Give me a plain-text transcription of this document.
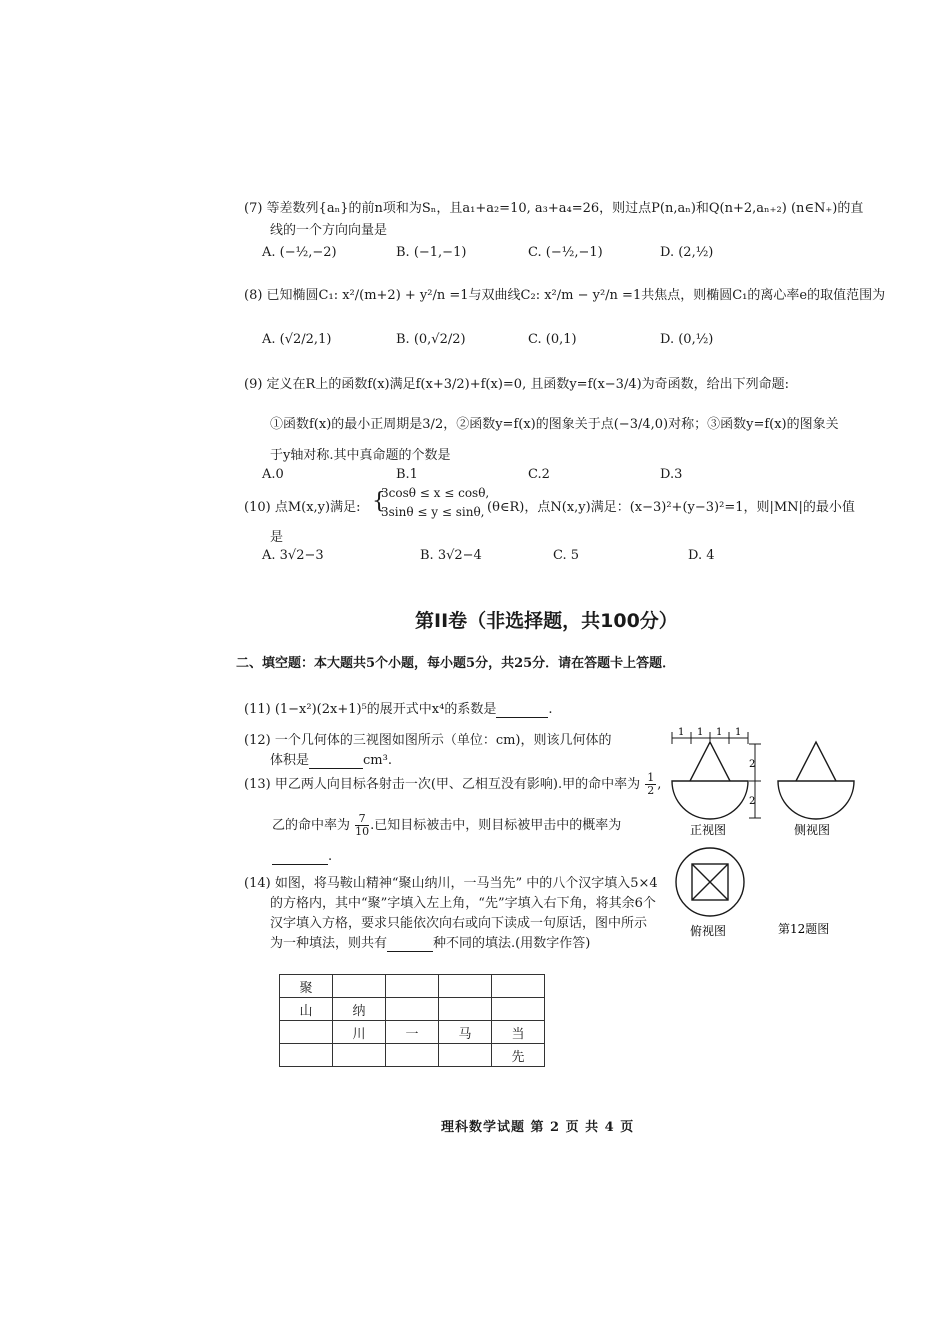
(7) 等差数列{aₙ}的前n项和为Sₙ，且a₁+a₂=10, a₃+a₄=26，则过点P(n,aₙ)和Q(n+2,aₙ₊₂) (n∈N₊)的直
线的一个方向向量是
A. (−½,−2)	B. (−1,−1)	C. (−½,−1)	D. (2,½)
(8) 已知椭圆C₁: x²/(m+2) + y²/n =1与双曲线C₂: x²/m − y²/n =1共焦点，则椭圆C₁的离心率e的取值范围为
A. (√2/2,1)	B. (0,√2/2)	C. (0,1)	D. (0,½)
(9) 定义在R上的函数f(x)满足f(x+3/2)+f(x)=0, 且函数y=f(x−3/4)为奇函数，给出下列命题:
①函数f(x)的最小正周期是3/2，②函数y=f(x)的图象关于点(−3/4,0)对称；③函数y=f(x)的图象关
于y轴对称.其中真命题的个数是
A.0	B.1	C.2	D.3
(10) 点M(x,y)满足: {
3cosθ ≤ x ≤ cosθ,
3sinθ ≤ y ≤ sinθ, (θ∈R)，点N(x,y)满足：(x−3)²+(y−3)²=1，则|MN|的最小值
是
A. 3√2−3	B. 3√2−4	C. 5	D. 4
第II卷（非选择题，共100分）
二、填空题：本大题共5个小题，每小题5分，共25分．请在答题卡上答题．
(11) (1−x²)(2x+1)⁵的展开式中x⁴的系数是	.
(12) 一个几何体的三视图如图所示（单位：cm)，则该几何体的
体积是	cm³.
(13) 甲乙两人向目标各射击一次(甲、乙相互没有影响).甲的命中率为 $\frac{1}{2}$ ,
乙的命中率为 $\frac{7}{10}$ .已知目标被击中，则目标被甲击中的概率为
.
(14) 如图，将马鞍山精神“聚山纳川，一马当先” 中的八个汉字填入5×4
的方格内，其中“聚”字填入左上角，“先”字填入右下角，将其余6个
汉字填入方格，要求只能依次向右或向下读成一句原话，图中所示
为一种填法，则共有	种不同的填法.(用数字作答)
1 1 1 1
2
2
正视图	侧视图
俯视图	第12题图
聚				
山	纳			
	川	一	马	当
				先
理科数学试题 第 2 页 共 4 页
